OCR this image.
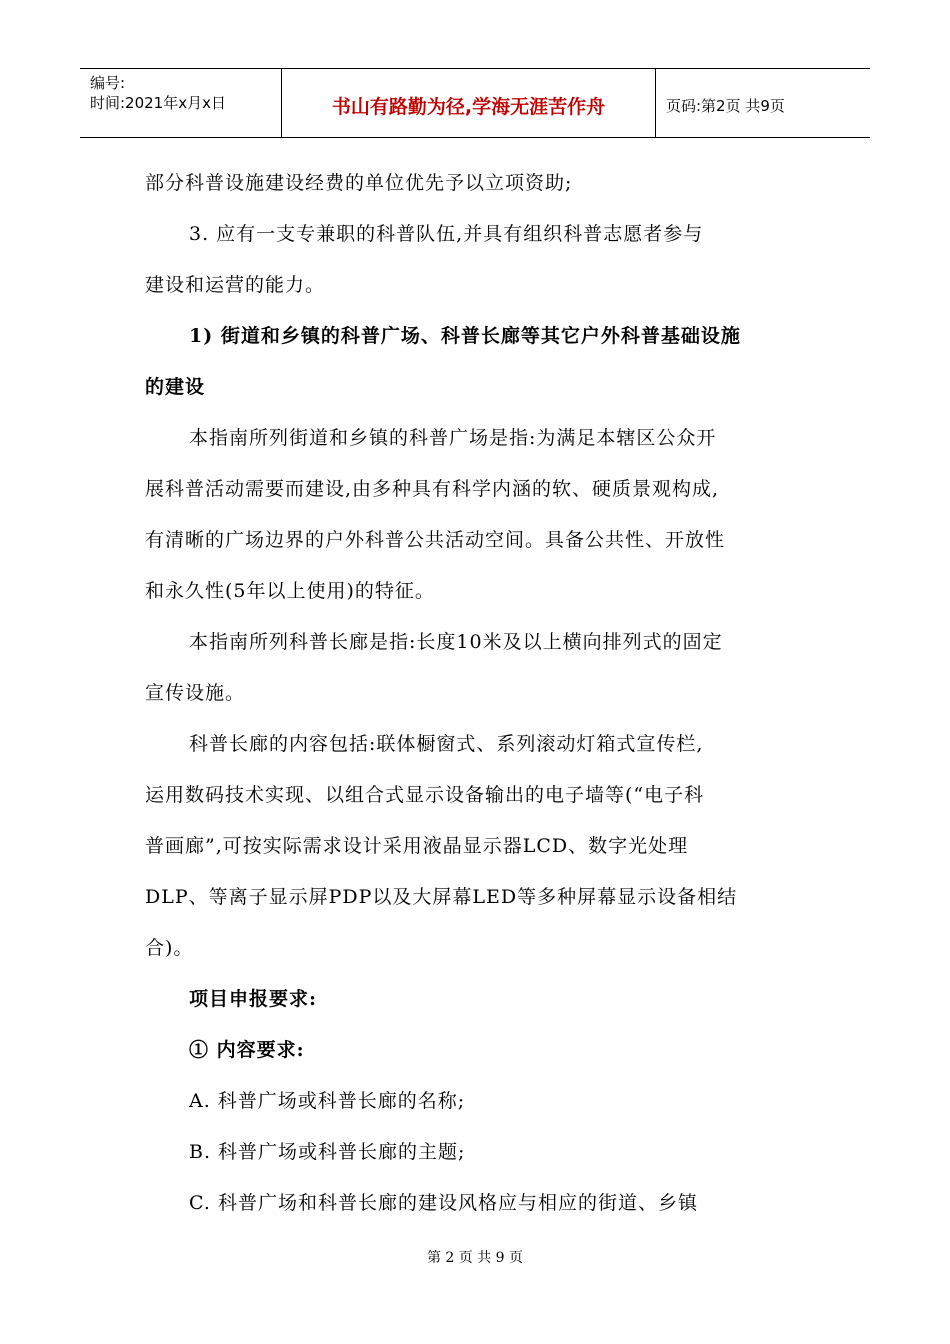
编号:
时间:2021年x月x日	书山有路勤为径,学海无涯苦作舟	页码:第2页 共9页
部分科普设施建设经费的单位优先予以立项资助;
3. 应有一支专兼职的科普队伍,并具有组织科普志愿者参与
建设和运营的能力。
1) 街道和乡镇的科普广场、科普长廊等其它户外科普基础设施
的建设
本指南所列街道和乡镇的科普广场是指:为满足本辖区公众开
展科普活动需要而建设,由多种具有科学内涵的软、硬质景观构成,
有清晰的广场边界的户外科普公共活动空间。具备公共性、开放性
和永久性(5年以上使用)的特征。
本指南所列科普长廊是指:长度10米及以上横向排列式的固定
宣传设施。
科普长廊的内容包括:联体橱窗式、系列滚动灯箱式宣传栏,
运用数码技术实现、以组合式显示设备输出的电子墙等(“电子科
普画廊”,可按实际需求设计采用液晶显示器LCD、数字光处理
DLP、等离子显示屏PDP以及大屏幕LED等多种屏幕显示设备相结
合)。
项目申报要求:
① 内容要求:
A. 科普广场或科普长廊的名称;
B. 科普广场或科普长廊的主题;
C. 科普广场和科普长廊的建设风格应与相应的街道、乡镇
第 2 页 共 9 页
